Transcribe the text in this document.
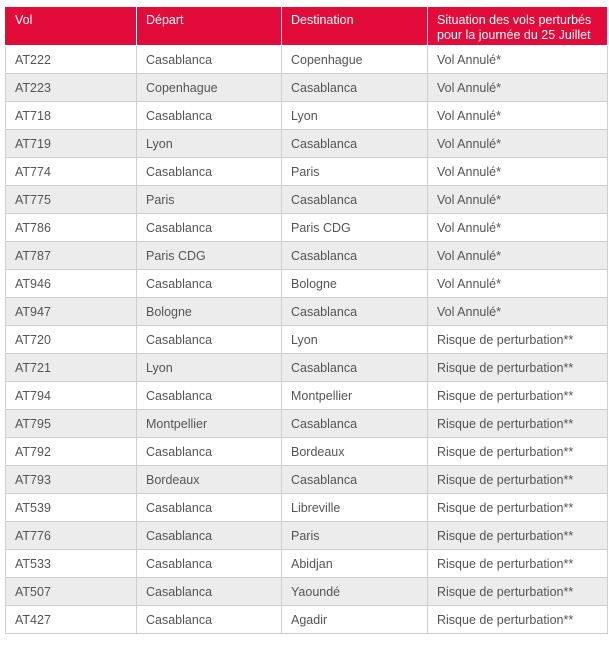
Vol	Départ	Destination	Situation des vols perturbés pour la journée du 25 Juillet
AT222	Casablanca	Copenhague	Vol Annulé*
AT223	Copenhague	Casablanca	Vol Annulé*
AT718	Casablanca	Lyon	Vol Annulé*
AT719	Lyon	Casablanca	Vol Annulé*
AT774	Casablanca	Paris	Vol Annulé*
AT775	Paris	Casablanca	Vol Annulé*
AT786	Casablanca	Paris CDG	Vol Annulé*
AT787	Paris CDG	Casablanca	Vol Annulé*
AT946	Casablanca	Bologne	Vol Annulé*
AT947	Bologne	Casablanca	Vol Annulé*
AT720	Casablanca	Lyon	Risque de perturbation**
AT721	Lyon	Casablanca	Risque de perturbation**
AT794	Casablanca	Montpellier	Risque de perturbation**
AT795	Montpellier	Casablanca	Risque de perturbation**
AT792	Casablanca	Bordeaux	Risque de perturbation**
AT793	Bordeaux	Casablanca	Risque de perturbation**
AT539	Casablanca	Libreville	Risque de perturbation**
AT776	Casablanca	Paris	Risque de perturbation**
AT533	Casablanca	Abidjan	Risque de perturbation**
AT507	Casablanca	Yaoundé	Risque de perturbation**
AT427	Casablanca	Agadir	Risque de perturbation**
